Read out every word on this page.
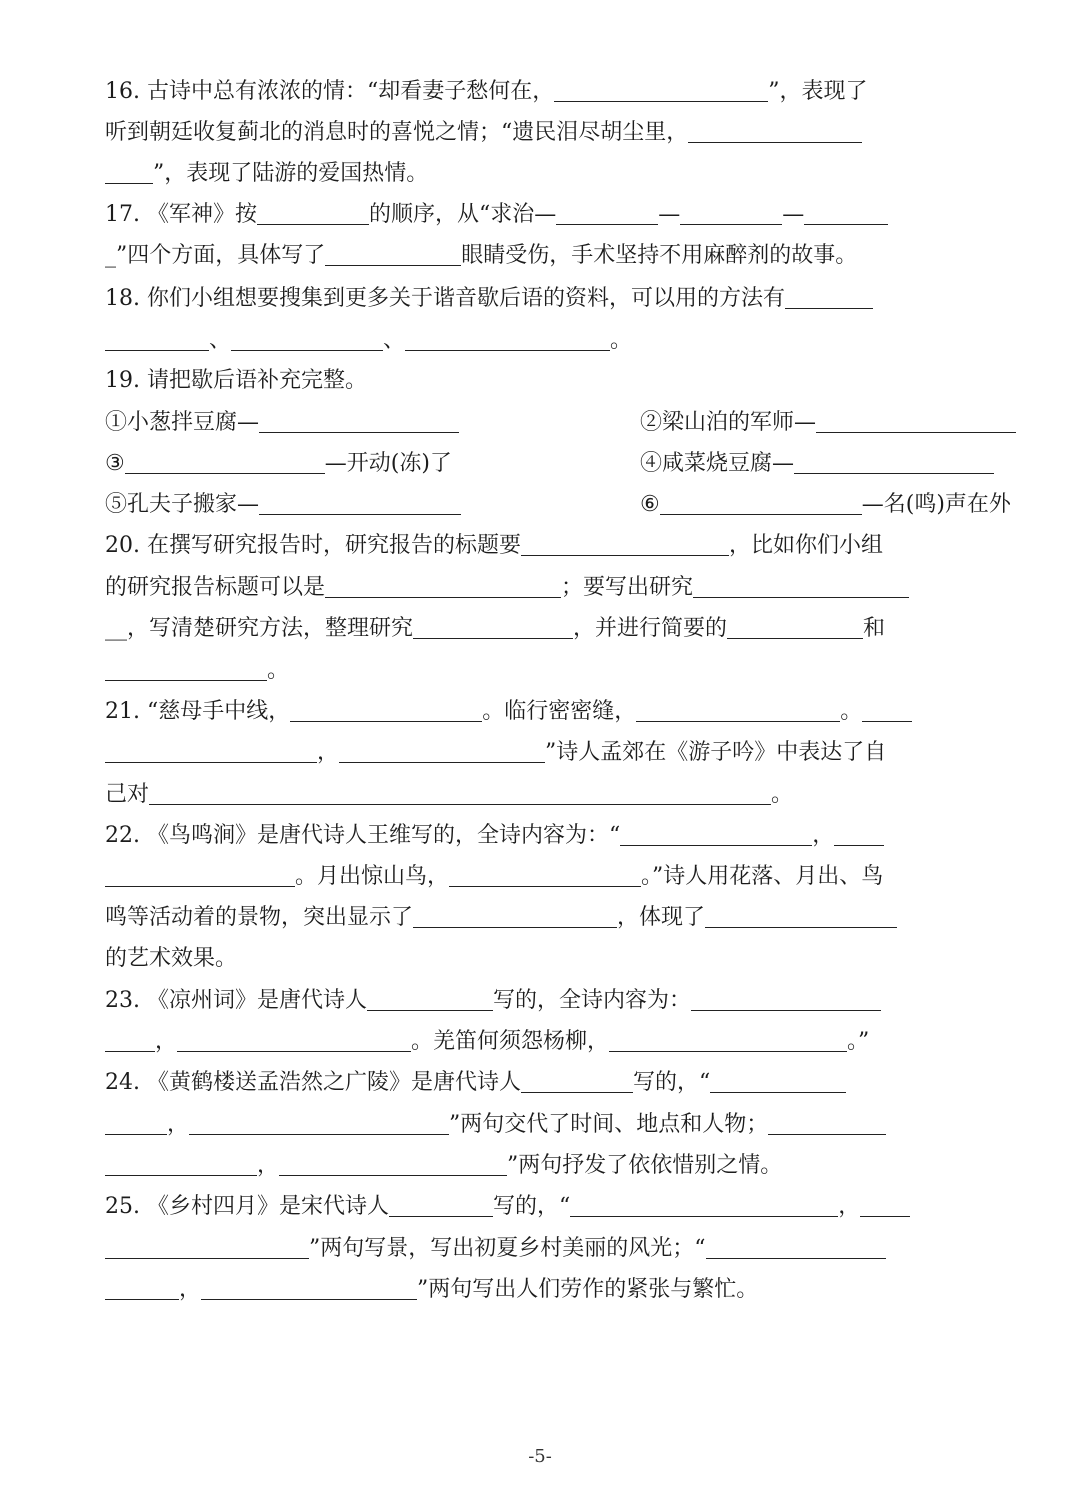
16. 古诗中总有浓浓的情：“却看妻子愁何在，	”，表现了
听到朝廷收复蓟北的消息时的喜悦之情；“遗民泪尽胡尘里，
”，表现了陆游的爱国热情。
17. 《军神》按	的顺序，从“求治—	—	—
_”四个方面，具体写了	眼睛受伤，手术坚持不用麻醉剂的故事。
18. 你们小组想要搜集到更多关于谐音歇后语的资料，可以用的方法有
、	、	。
19. 请把歇后语补充完整。
①小葱拌豆腐—	②梁山泊的军师—
③	—开动(冻)了	④咸菜烧豆腐—
⑤孔夫子搬家—	⑥	—名(鸣)声在外
20. 在撰写研究报告时，研究报告的标题要	，比如你们小组
的研究报告标题可以是	；要写出研究
__，写清楚研究方法，整理研究	，并进行简要的	和
。
21. “慈母手中线，	。临行密密缝，	。
，	”诗人孟郊在《游子吟》中表达了自
己对	。
22. 《鸟鸣涧》是唐代诗人王维写的，全诗内容为：“	，
。月出惊山鸟，	。”诗人用花落、月出、鸟
鸣等活动着的景物，突出显示了	，体现了
的艺术效果。
23. 《凉州词》是唐代诗人	写的，全诗内容为：
，	。羌笛何须怨杨柳，	。”
24. 《黄鹤楼送孟浩然之广陵》是唐代诗人	写的，“
，	”两句交代了时间、地点和人物；
，	”两句抒发了依依惜别之情。
25. 《乡村四月》是宋代诗人	写的，“	，
”两句写景，写出初夏乡村美丽的风光；“
，	”两句写出人们劳作的紧张与繁忙。
-5-
